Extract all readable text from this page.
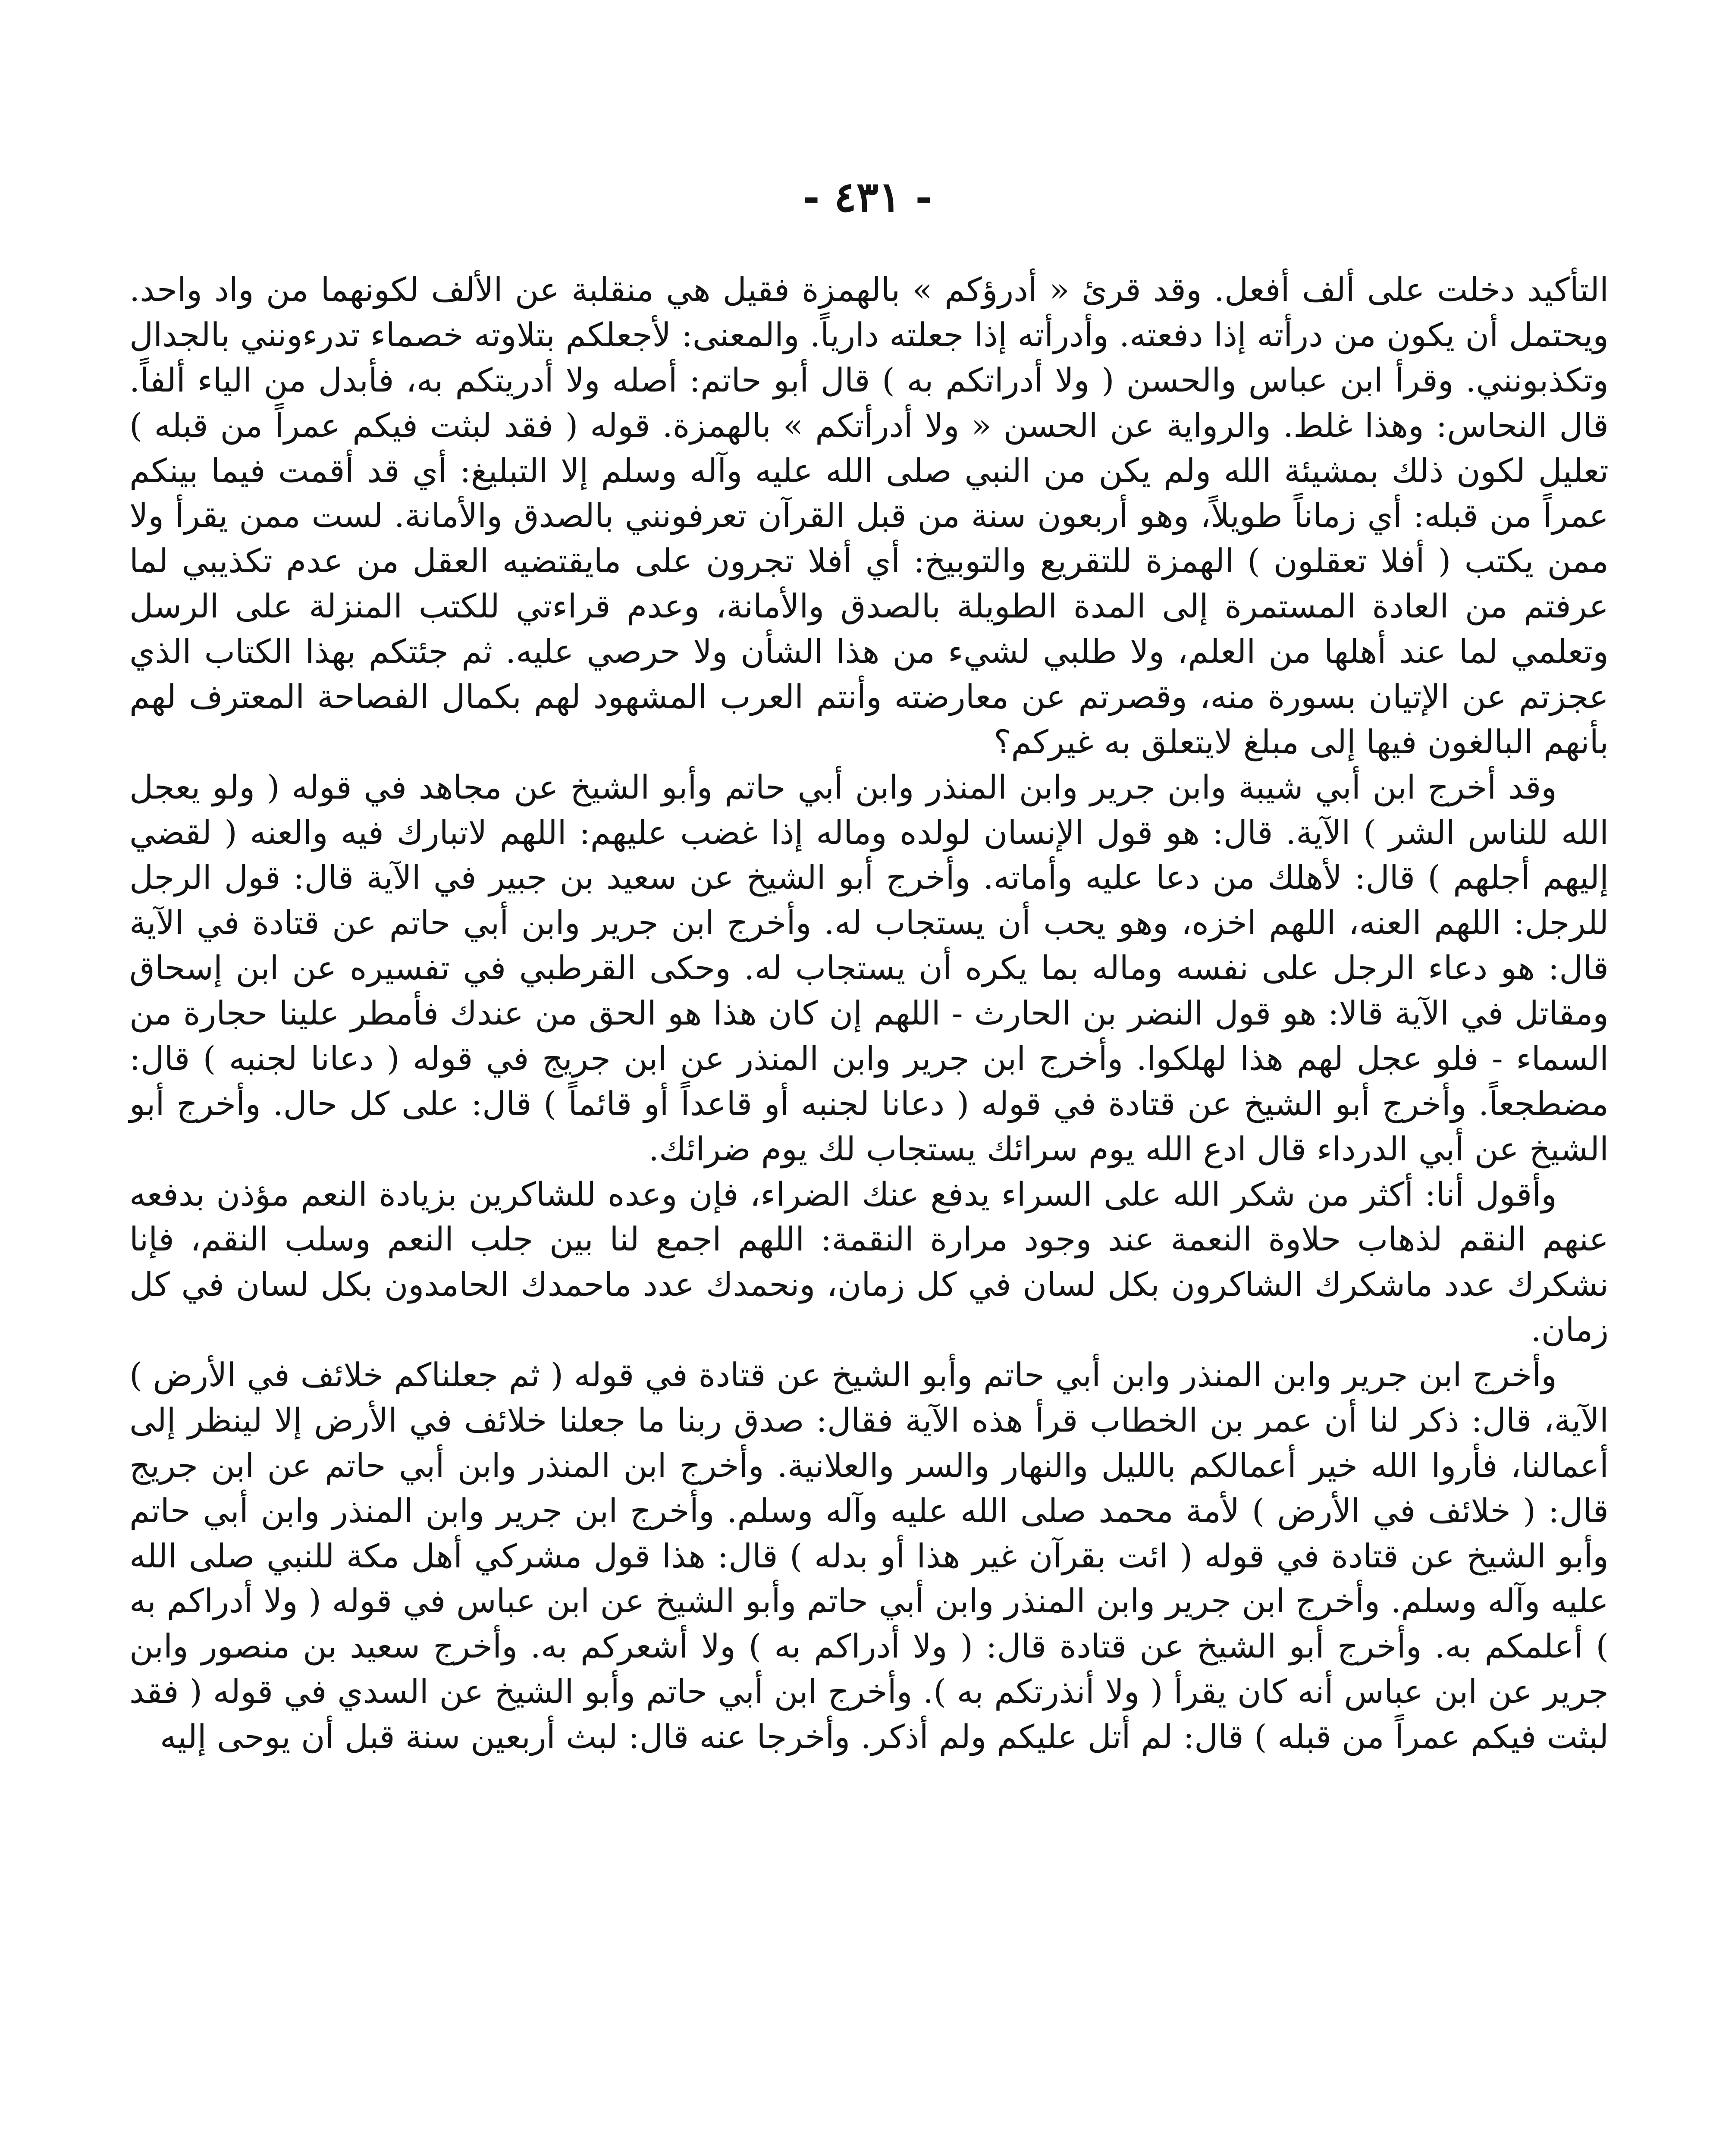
- ٤٣١ -

التأكيد دخلت على ألف أفعل. وقد قرئ « أدرؤكم » بالهمزة فقيل هي منقلبة عن الألف لكونهما من واد واحد. ويحتمل أن يكون من درأته إذا دفعته. وأدرأته إذا جعلته دارياً. والمعنى: لأجعلكم بتلاوته خصماء تدرءونني بالجدال وتكذبونني. وقرأ ابن عباس والحسن ( ولا أدراتكم به ) قال أبو حاتم: أصله ولا أدريتكم به، فأبدل من الياء ألفاً. قال النحاس: وهذا غلط. والرواية عن الحسن « ولا أدرأتكم » بالهمزة. قوله ( فقد لبثت فيكم عمراً من قبله ) تعليل لكون ذلك بمشيئة الله ولم يكن من النبي صلى الله عليه وآله وسلم إلا التبليغ: أي قد أقمت فيما بينكم عمراً من قبله: أي زماناً طويلاً، وهو أربعون سنة من قبل القرآن تعرفونني بالصدق والأمانة. لست ممن يقرأ ولا ممن يكتب ( أفلا تعقلون ) الهمزة للتقريع والتوبيخ: أي أفلا تجرون على مايقتضيه العقل من عدم تكذيبي لما عرفتم من العادة المستمرة إلى المدة الطويلة بالصدق والأمانة، وعدم قراءتي للكتب المنزلة على الرسل وتعلمي لما عند أهلها من العلم، ولا طلبي لشيء من هذا الشأن ولا حرصي عليه. ثم جئتكم بهذا الكتاب الذي عجزتم عن الإتيان بسورة منه، وقصرتم عن معارضته وأنتم العرب المشهود لهم بكمال الفصاحة المعترف لهم بأنهم البالغون فيها إلى مبلغ لايتعلق به غيركم؟

وقد أخرج ابن أبي شيبة وابن جرير وابن المنذر وابن أبي حاتم وأبو الشيخ عن مجاهد في قوله ( ولو يعجل الله للناس الشر ) الآية. قال: هو قول الإنسان لولده وماله إذا غضب عليهم: اللهم لاتبارك فيه والعنه ( لقضي إليهم أجلهم ) قال: لأهلك من دعا عليه وأماته. وأخرج أبو الشيخ عن سعيد بن جبير في الآية قال: قول الرجل للرجل: اللهم العنه، اللهم اخزه، وهو يحب أن يستجاب له. وأخرج ابن جرير وابن أبي حاتم عن قتادة في الآية قال: هو دعاء الرجل على نفسه وماله بما يكره أن يستجاب له. وحكى القرطبي في تفسيره عن ابن إسحاق ومقاتل في الآية قالا: هو قول النضر بن الحارث - اللهم إن كان هذا هو الحق من عندك فأمطر علينا حجارة من السماء - فلو عجل لهم هذا لهلكوا. وأخرج ابن جرير وابن المنذر عن ابن جريج في قوله ( دعانا لجنبه ) قال: مضطجعاً. وأخرج أبو الشيخ عن قتادة في قوله ( دعانا لجنبه أو قاعداً أو قائماً ) قال: على كل حال. وأخرج أبو الشيخ عن أبي الدرداء قال ادع الله يوم سرائك يستجاب لك يوم ضرائك.

وأقول أنا: أكثر من شكر الله على السراء يدفع عنك الضراء، فإن وعده للشاكرين بزيادة النعم مؤذن بدفعه عنهم النقم لذهاب حلاوة النعمة عند وجود مرارة النقمة: اللهم اجمع لنا بين جلب النعم وسلب النقم، فإنا نشكرك عدد ماشكرك الشاكرون بكل لسان في كل زمان، ونحمدك عدد ماحمدك الحامدون بكل لسان في كل زمان.

وأخرج ابن جرير وابن المنذر وابن أبي حاتم وأبو الشيخ عن قتادة في قوله ( ثم جعلناكم خلائف في الأرض ) الآية، قال: ذكر لنا أن عمر بن الخطاب قرأ هذه الآية فقال: صدق ربنا ما جعلنا خلائف في الأرض إلا لينظر إلى أعمالنا، فأروا الله خير أعمالكم بالليل والنهار والسر والعلانية. وأخرج ابن المنذر وابن أبي حاتم عن ابن جريج قال: ( خلائف في الأرض ) لأمة محمد صلى الله عليه وآله وسلم. وأخرج ابن جرير وابن المنذر وابن أبي حاتم وأبو الشيخ عن قتادة في قوله ( ائت بقرآن غير هذا أو بدله ) قال: هذا قول مشركي أهل مكة للنبي صلى الله عليه وآله وسلم. وأخرج ابن جرير وابن المنذر وابن أبي حاتم وأبو الشيخ عن ابن عباس في قوله ( ولا أدراكم به ) أعلمكم به. وأخرج أبو الشيخ عن قتادة قال: ( ولا أدراكم به ) ولا أشعركم به. وأخرج سعيد بن منصور وابن جرير عن ابن عباس أنه كان يقرأ ( ولا أنذرتكم به ). وأخرج ابن أبي حاتم وأبو الشيخ عن السدي في قوله ( فقد لبثت فيكم عمراً من قبله ) قال: لم أتل عليكم ولم أذكر. وأخرجا عنه قال: لبث أربعين سنة قبل أن يوحى إليه
